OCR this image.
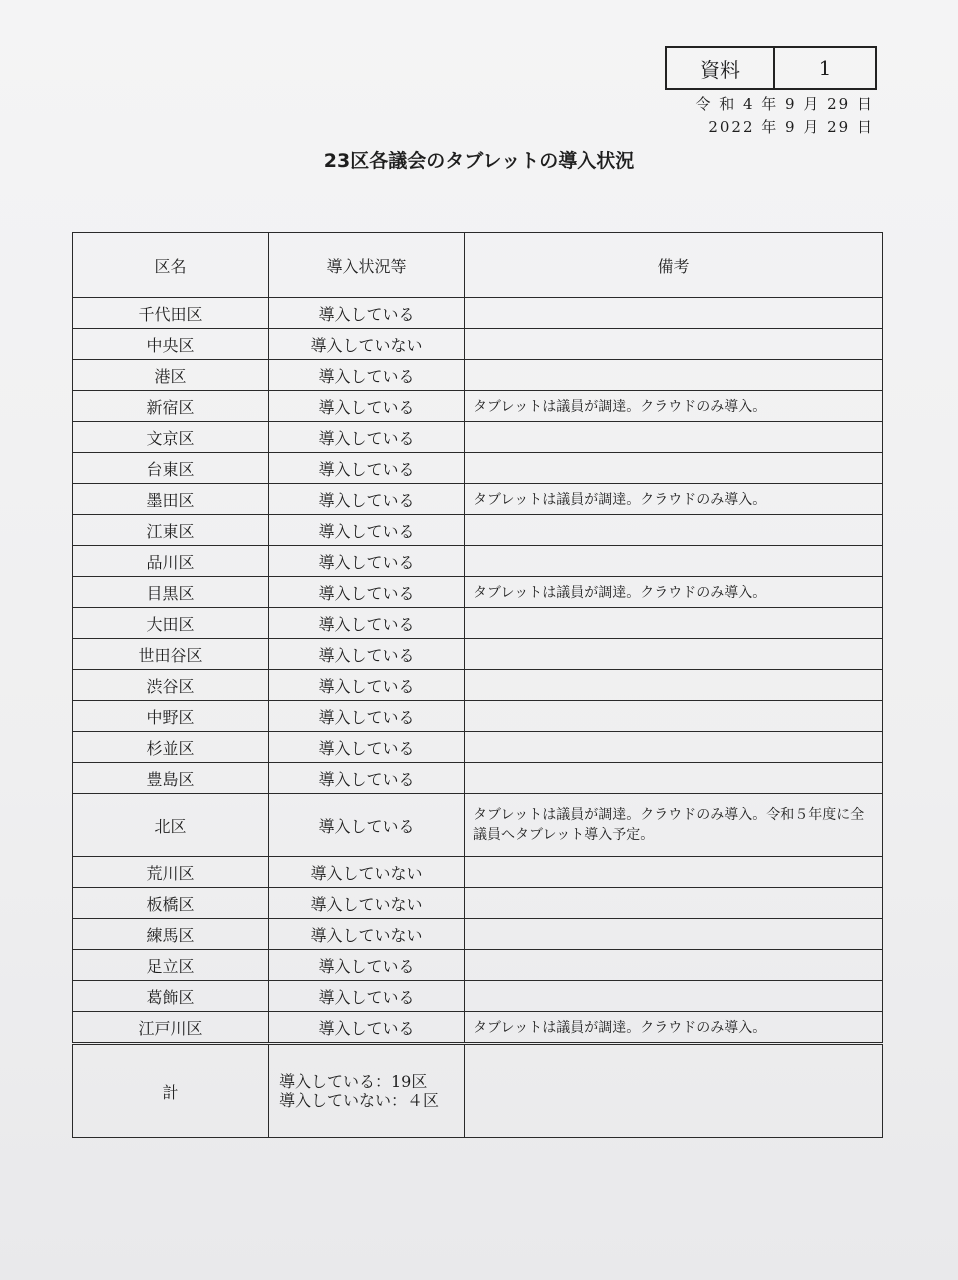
資料	1
令 和 4 年 9 月 29 日
2022 年 9 月 29 日
23区各議会のタブレットの導入状況
区名	導入状況等	備考
千代田区	導入している	
中央区	導入していない	
港区	導入している	
新宿区	導入している	タブレットは議員が調達。クラウドのみ導入。
文京区	導入している	
台東区	導入している	
墨田区	導入している	タブレットは議員が調達。クラウドのみ導入。
江東区	導入している	
品川区	導入している	
目黒区	導入している	タブレットは議員が調達。クラウドのみ導入。
大田区	導入している	
世田谷区	導入している	
渋谷区	導入している	
中野区	導入している	
杉並区	導入している	
豊島区	導入している	
北区	導入している	タブレットは議員が調達。クラウドのみ導入。令和５年度に全議員へタブレット導入予定。
荒川区	導入していない	
板橋区	導入していない	
練馬区	導入していない	
足立区	導入している	
葛飾区	導入している	
江戸川区	導入している	タブレットは議員が調達。クラウドのみ導入。
計	導入している：19区
導入していない：４区	
